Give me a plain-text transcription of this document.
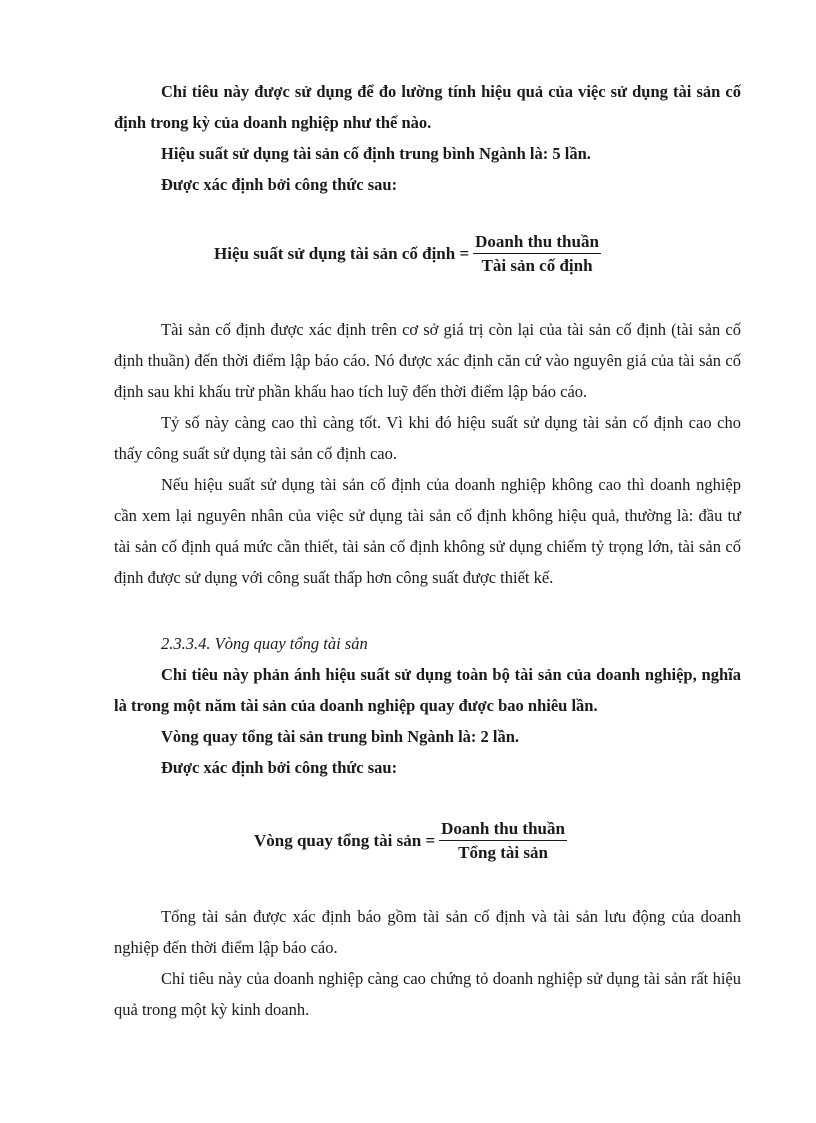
Chỉ tiêu này được sử dụng để đo lường tính hiệu quả của việc sử dụng tài sản cố định trong kỳ của doanh nghiệp như thế nào.

Hiệu suất sử dụng tài sản cố định trung bình Ngành là: 5 lần.

Được xác định bởi công thức sau:

Hiệu suất sử dụng tài sản cố định = $\frac{\text{Doanh thu thuần}}{\text{Tài sản cố định}}$

Tài sản cố định được xác định trên cơ sở giá trị còn lại của tài sản cố định (tài sản cố định thuần) đến thời điểm lập báo cáo. Nó được xác định căn cứ vào nguyên giá của tài sản cố định sau khi khấu trừ phần khấu hao tích luỹ đến thời điểm lập báo cáo.

Tỷ số này càng cao thì càng tốt. Vì khi đó hiệu suất sử dụng tài sản cố định cao cho thấy công suất sử dụng tài sản cố định cao.

Nếu hiệu suất sử dụng tài sản cố định của doanh nghiệp không cao thì doanh nghiệp cần xem lại nguyên nhân của việc sử dụng tài sản cố định không hiệu quả, thường là: đầu tư tài sản cố định quá mức cần thiết, tài sản cố định không sử dụng chiếm tỷ trọng lớn, tài sản cố định được sử dụng với công suất thấp hơn công suất được thiết kế.

2.3.3.4. Vòng quay tổng tài sản

Chỉ tiêu này phản ánh hiệu suất sử dụng toàn bộ tài sản của doanh nghiệp, nghĩa là trong một năm tài sản của doanh nghiệp quay được bao nhiêu lần.

Vòng quay tổng tài sản trung bình Ngành là: 2 lần.

Được xác định bởi công thức sau:

Vòng quay tổng tài sản = $\frac{\text{Doanh thu thuần}}{\text{Tổng tài sản}}$

Tổng tài sản được xác định báo gồm tài sản cố định và tài sản lưu động của doanh nghiệp đến thời điểm lập báo cáo.

Chỉ tiêu này của doanh nghiệp càng cao chứng tỏ doanh nghiệp sử dụng tài sản rất hiệu quả trong một kỳ kinh doanh.
